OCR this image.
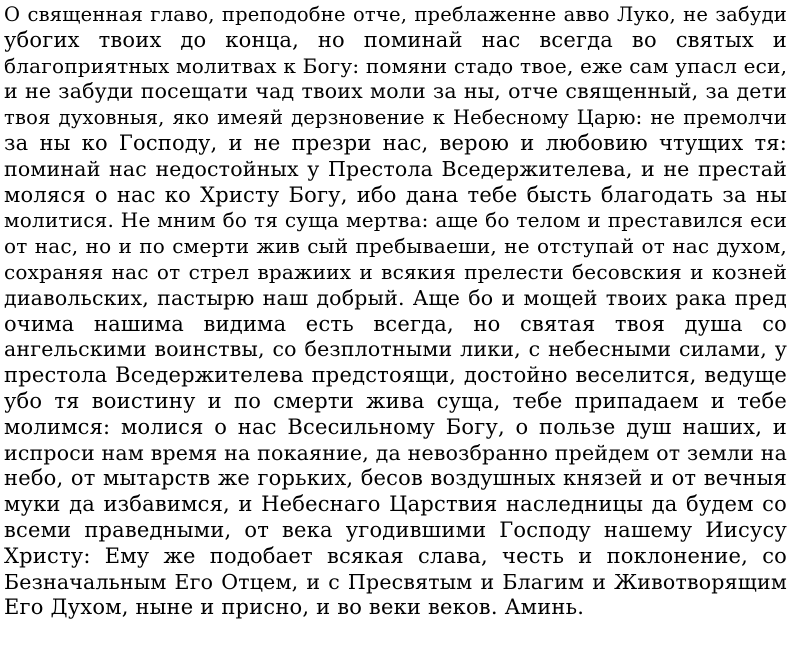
О священная главо, преподобне отче, преблаженне авво Луко, не забуди
убогих твоих до конца, но поминай нас всегда во святых и
благоприятных молитвах к Богу: помяни стадо твое, еже сам упасл еси,
и не забуди посещати чад твоих моли за ны, отче священный, за дети
твоя духовныя, яко имеяй дерзновение к Небесному Царю: не премолчи
за ны ко Господу, и не презри нас, верою и любовию чтущих тя:
поминай нас недостойных у Престола Вседержителева, и не престай
моляся о нас ко Христу Богу, ибо дана тебе бысть благодать за ны
молитися. Не мним бо тя суща мертва: аще бо телом и преставился еси
от нас, но и по смерти жив сый пребываеши, не отступай от нас духом,
сохраняя нас от стрел вражиих и всякия прелести бесовския и козней
диавольских, пастырю наш добрый. Аще бо и мощей твоих рака пред
очима нашима видима есть всегда, но святая твоя душа со
ангельскими воинствы, со безплотными лики, с небесными силами, у
престола Вседержителева предстоящи, достойно веселится, ведуще
убо тя воистину и по смерти жива суща, тебе припадаем и тебе
молимся: молися о нас Всесильному Богу, о пользе душ наших, и
испроси нам время на покаяние, да невозбранно прейдем от земли на
небо, от мытарств же горьких, бесов воздушных князей и от вечныя
муки да избавимся, и Небеснаго Царствия наследницы да будем со
всеми праведными, от века угодившими Господу нашему Иисусу
Христу: Ему же подобает всякая слава, честь и поклонение, со
Безначальным Его Отцем, и с Пресвятым и Благим и Животворящим
Его Духом, ныне и присно, и во веки веков. Аминь.
